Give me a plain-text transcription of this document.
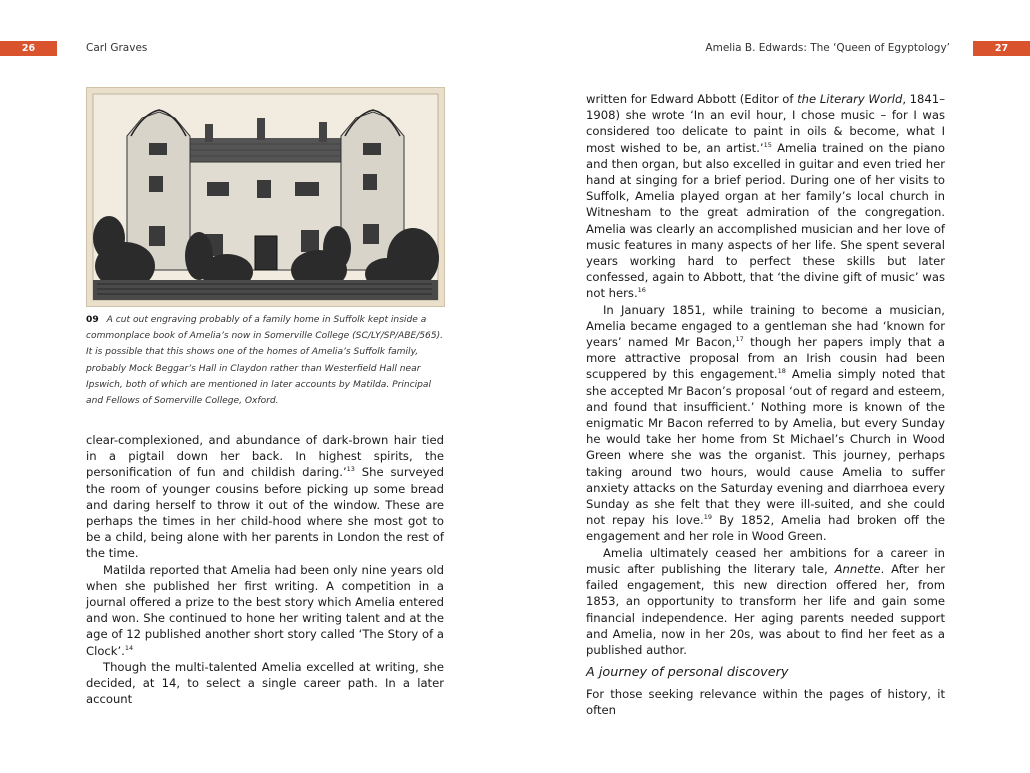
26	Carl Graves
09 A cut out engraving probably of a family home in Suffolk kept inside a commonplace book of Amelia’s now in Somerville College (SC/LY/SP/ABE/565). It is possible that this shows one of the homes of Amelia’s Suffolk family, probably Mock Beggar’s Hall in Claydon rather than Westerfield Hall near Ipswich, both of which are mentioned in later accounts by Matilda. Principal and Fellows of Somerville College, Oxford.

clear-complexioned, and abundance of dark-brown hair tied in a pigtail down her back. In highest spirits, the personification of fun and childish daring.’$^{13}$ She surveyed the room of younger cousins before picking up some bread and daring herself to throw it out of the window. These are perhaps the times in her child-hood where she most got to be a child, being alone with her parents in London the rest of the time.

Matilda reported that Amelia had been only nine years old when she published her first writing. A competition in a journal offered a prize to the best story which Amelia entered and won. She continued to hone her writing talent and at the age of 12 published another short story called ‘The Story of a Clock’.$^{14}$

Though the multi-talented Amelia excelled at writing, she decided, at 14, to select a single career path. In a later account

27
Amelia B. Edwards: The ‘Queen of Egyptology’

written for Edward Abbott (Editor of the Literary World, 1841–1908) she wrote ‘In an evil hour, I chose music – for I was considered too delicate to paint in oils & become, what I most wished to be, an artist.’$^{15}$ Amelia trained on the piano and then organ, but also excelled in guitar and even tried her hand at singing for a brief period. During one of her visits to Suffolk, Amelia played organ at her family’s local church in Witnesham to the great admiration of the congregation. Amelia was clearly an accomplished musician and her love of music features in many aspects of her life. She spent several years working hard to perfect these skills but later confessed, again to Abbott, that ‘the divine gift of music’ was not hers.$^{16}$

In January 1851, while training to become a musician, Amelia became engaged to a gentleman she had ‘known for years’ named Mr Bacon,$^{17}$ though her papers imply that a more attractive proposal from an Irish cousin had been scuppered by this engagement.$^{18}$ Amelia simply noted that she accepted Mr Bacon’s proposal ‘out of regard and esteem, and found that insufficient.’ Nothing more is known of the enigmatic Mr Bacon referred to by Amelia, but every Sunday he would take her home from St Michael’s Church in Wood Green where she was the organist. This journey, perhaps taking around two hours, would cause Amelia to suffer anxiety attacks on the Saturday evening and diarrhoea every Sunday as she felt that they were ill-suited, and she could not repay his love.$^{19}$ By 1852, Amelia had broken off the engagement and her role in Wood Green.

Amelia ultimately ceased her ambitions for a career in music after publishing the literary tale, Annette. After her failed engagement, this new direction offered her, from 1853, an opportunity to transform her life and gain some financial independence. Her aging parents needed support and Amelia, now in her 20s, was about to find her feet as a published author.

A journey of personal discovery

For those seeking relevance within the pages of history, it often
